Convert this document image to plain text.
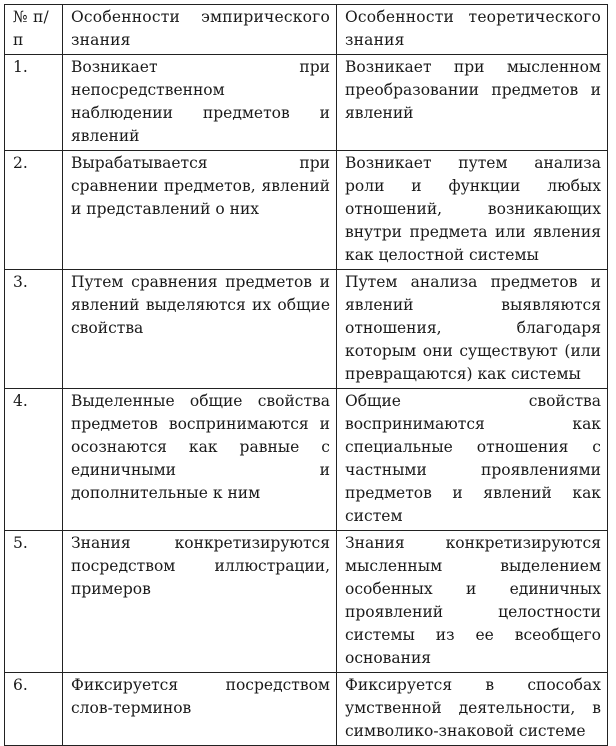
№ п/п	Особенности эмпирического знания	Особенности теоретического знания
1.	Возникает при непосредственном наблюдении предметов и явлений	Возникает при мысленном преобразовании предметов и явлений
2.	Вырабатывается при сравнении предметов, явлений и представлений о них	Возникает путем анализа роли и функции любых отношений, возникающих внутри предмета или явления как целостной системы
3.	Путем сравнения предметов и явлений выделяются их общие свойства	Путем анализа предметов и явлений выявляются отношения, благодаря которым они существуют (или превращаются) как системы
4.	Выделенные общие свойства предметов воспринимаются и осознаются как равные с единичными и дополнительные к ним	Общие свойства воспринимаются как специальные отношения с частными проявлениями предметов и явлений как систем
5.	Знания конкретизируются посредством иллюстрации, примеров	Знания конкретизируются мысленным выделением особенных и единичных проявлений целостности системы из ее всеобщего основания
6.	Фиксируется посредством слов-терминов	Фиксируется в способах умственной деятельности, в символико-знаковой системе
